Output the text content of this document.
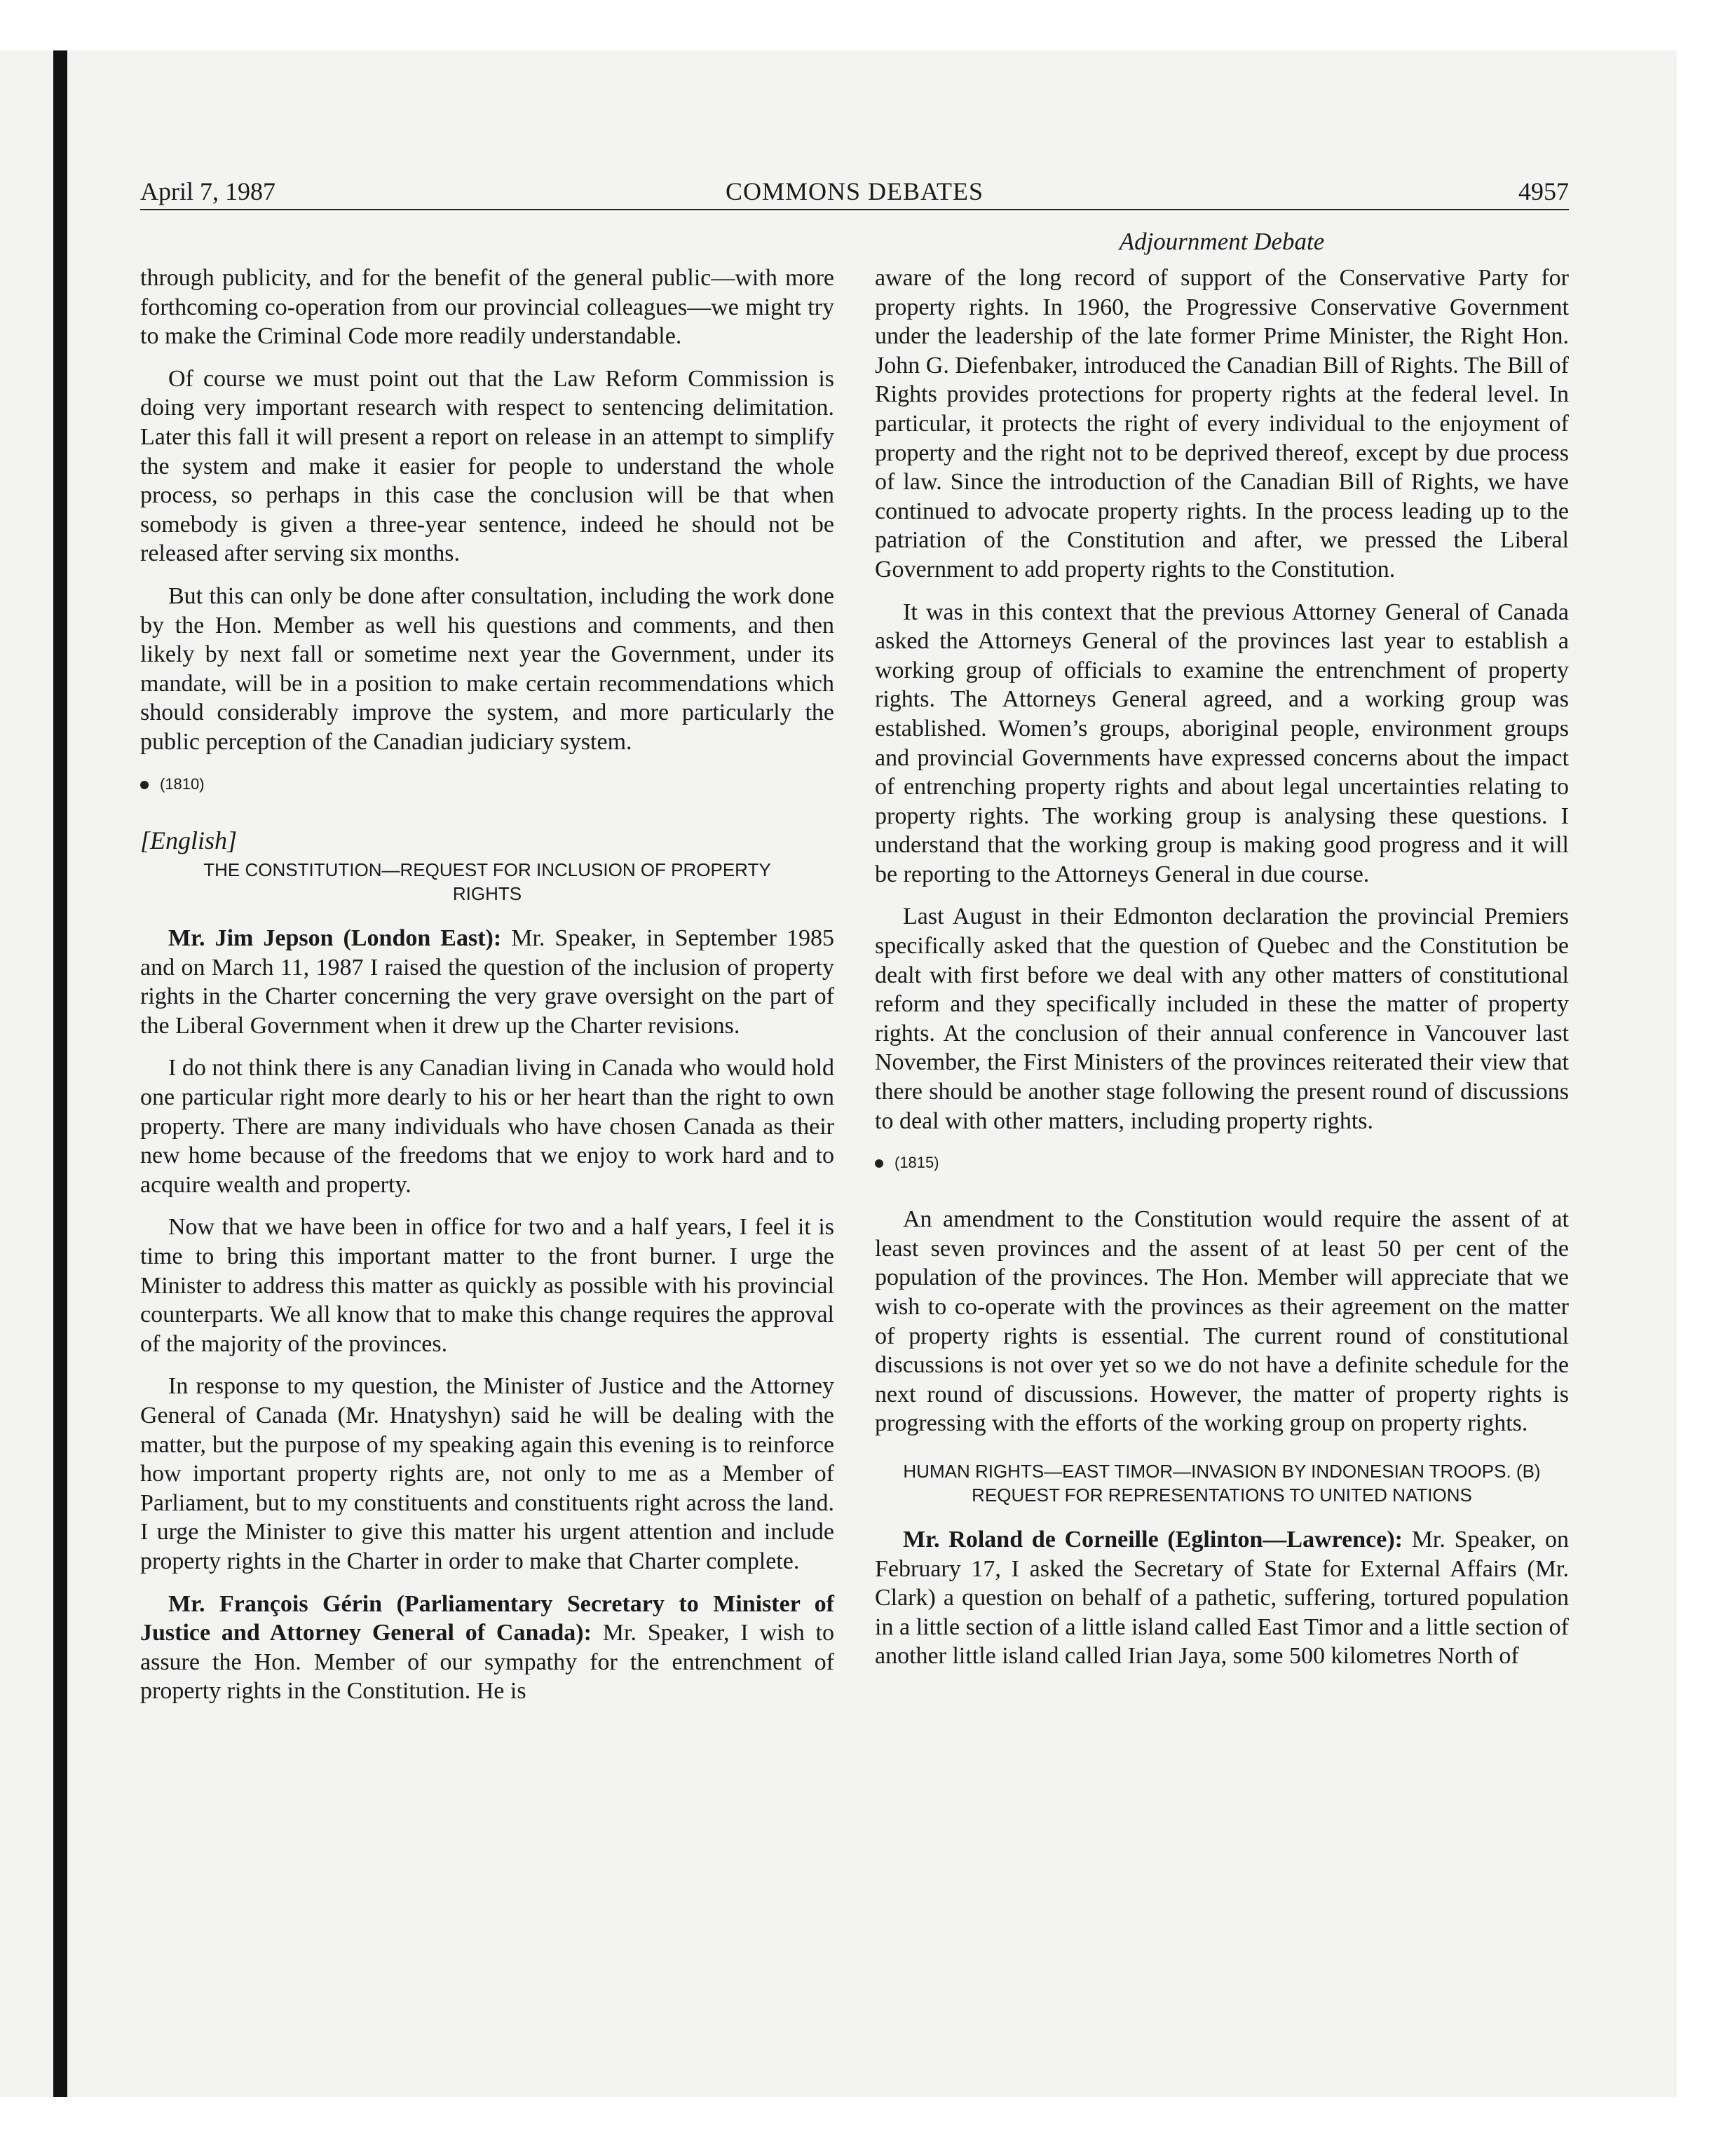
April 7, 1987	COMMONS DEBATES	4957
Adjournment Debate

through publicity, and for the benefit of the general public—with more forthcoming co-operation from our provincial colleagues—we might try to make the Criminal Code more readily understandable.

Of course we must point out that the Law Reform Commission is doing very important research with respect to sentencing delimitation. Later this fall it will present a report on release in an attempt to simplify the system and make it easier for people to understand the whole process, so perhaps in this case the conclusion will be that when somebody is given a three-year sentence, indeed he should not be released after serving six months.

But this can only be done after consultation, including the work done by the Hon. Member as well his questions and comments, and then likely by next fall or sometime next year the Government, under its mandate, will be in a position to make certain recommendations which should considerably improve the system, and more particularly the public perception of the Canadian judiciary system.

(1810)
[English]
THE CONSTITUTION—REQUEST FOR INCLUSION OF PROPERTY RIGHTS

Mr. Jim Jepson (London East): Mr. Speaker, in September 1985 and on March 11, 1987 I raised the question of the inclusion of property rights in the Charter concerning the very grave oversight on the part of the Liberal Government when it drew up the Charter revisions.

I do not think there is any Canadian living in Canada who would hold one particular right more dearly to his or her heart than the right to own property. There are many individuals who have chosen Canada as their new home because of the freedoms that we enjoy to work hard and to acquire wealth and property.

Now that we have been in office for two and a half years, I feel it is time to bring this important matter to the front burner. I urge the Minister to address this matter as quickly as possible with his provincial counterparts. We all know that to make this change requires the approval of the majority of the provinces.

In response to my question, the Minister of Justice and the Attorney General of Canada (Mr. Hnatyshyn) said he will be dealing with the matter, but the purpose of my speaking again this evening is to reinforce how important property rights are, not only to me as a Member of Parliament, but to my constituents and constituents right across the land. I urge the Minister to give this matter his urgent attention and include property rights in the Charter in order to make that Charter complete.

Mr. François Gérin (Parliamentary Secretary to Minister of Justice and Attorney General of Canada): Mr. Speaker, I wish to assure the Hon. Member of our sympathy for the entrenchment of property rights in the Constitution. He is

aware of the long record of support of the Conservative Party for property rights. In 1960, the Progressive Conservative Government under the leadership of the late former Prime Minister, the Right Hon. John G. Diefenbaker, introduced the Canadian Bill of Rights. The Bill of Rights provides protections for property rights at the federal level. In particular, it protects the right of every individual to the enjoyment of property and the right not to be deprived thereof, except by due process of law. Since the introduction of the Canadian Bill of Rights, we have continued to advocate property rights. In the process leading up to the patriation of the Constitution and after, we pressed the Liberal Government to add property rights to the Constitution.

It was in this context that the previous Attorney General of Canada asked the Attorneys General of the provinces last year to establish a working group of officials to examine the entrenchment of property rights. The Attorneys General agreed, and a working group was established. Women’s groups, aboriginal people, environment groups and provincial Governments have expressed concerns about the impact of entrenching property rights and about legal uncertainties relating to property rights. The working group is analysing these questions. I understand that the working group is making good progress and it will be reporting to the Attorneys General in due course.

Last August in their Edmonton declaration the provincial Premiers specifically asked that the question of Quebec and the Constitution be dealt with first before we deal with any other matters of constitutional reform and they specifically included in these the matter of property rights. At the conclusion of their annual conference in Vancouver last November, the First Ministers of the provinces reiterated their view that there should be another stage following the present round of discussions to deal with other matters, including property rights.

(1815)

An amendment to the Constitution would require the assent of at least seven provinces and the assent of at least 50 per cent of the population of the provinces. The Hon. Member will appreciate that we wish to co-operate with the provinces as their agreement on the matter of property rights is essential. The current round of constitutional discussions is not over yet so we do not have a definite schedule for the next round of discussions. However, the matter of property rights is progressing with the efforts of the working group on property rights.

HUMAN RIGHTS—EAST TIMOR—INVASION BY INDONESIAN TROOPS. (B) REQUEST FOR REPRESENTATIONS TO UNITED NATIONS

Mr. Roland de Corneille (Eglinton—Lawrence): Mr. Speaker, on February 17, I asked the Secretary of State for External Affairs (Mr. Clark) a question on behalf of a pathetic, suffering, tortured population in a little section of a little island called East Timor and a little section of another little island called Irian Jaya, some 500 kilometres North of
